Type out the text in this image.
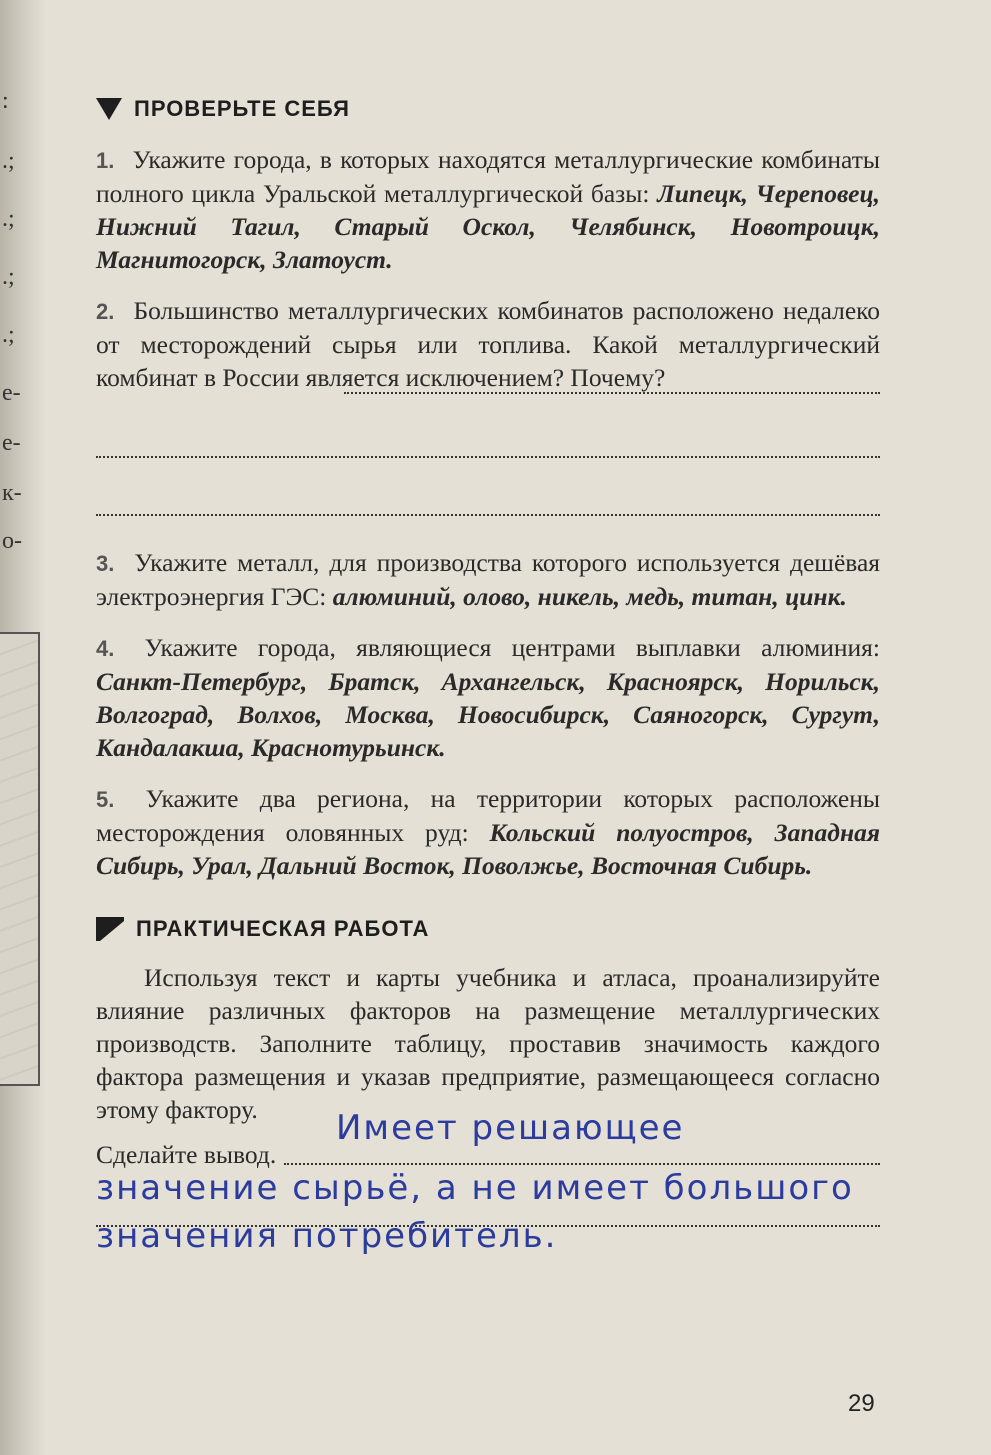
:
.;
.;
.;
.;
е-
е-
к-
о-
ПРОВЕРЬТЕ СЕБЯ
1. Укажите города, в которых находятся металлургические комбинаты полного цикла Уральской металлургической базы: Липецк, Череповец, Нижний Тагил, Старый Оскол, Челябинск, Новотроицк, Магнитогорск, Златоуст.
2. Большинство металлургических комбинатов расположено недалеко от месторождений сырья или топлива. Какой металлургический комбинат в России является исключением? Почему?
3. Укажите металл, для производства которого используется дешёвая электроэнергия ГЭС: алюминий, олово, никель, медь, титан, цинк.
4. Укажите города, являющиеся центрами выплавки алюминия: Санкт-Петербург, Братск, Архангельск, Красноярск, Норильск, Волгоград, Волхов, Москва, Новосибирск, Саяногорск, Сургут, Кандалакша, Краснотурьинск.
5. Укажите два региона, на территории которых расположены месторождения оловянных руд: Кольский полуостров, Западная Сибирь, Урал, Дальний Восток, Поволжье, Восточная Сибирь.
ПРАКТИЧЕСКАЯ РАБОТА
Используя текст и карты учебника и атласа, проанализируйте влияние различных факторов на размещение металлургических производств. Заполните таблицу, проставив значимость каждого фактора размещения и указав предприятие, размещающееся согласно этому фактору.
Сделайте вывод.
Имеет решающее
значение сырьё, а не имеет большого
значения потребитель.
29
